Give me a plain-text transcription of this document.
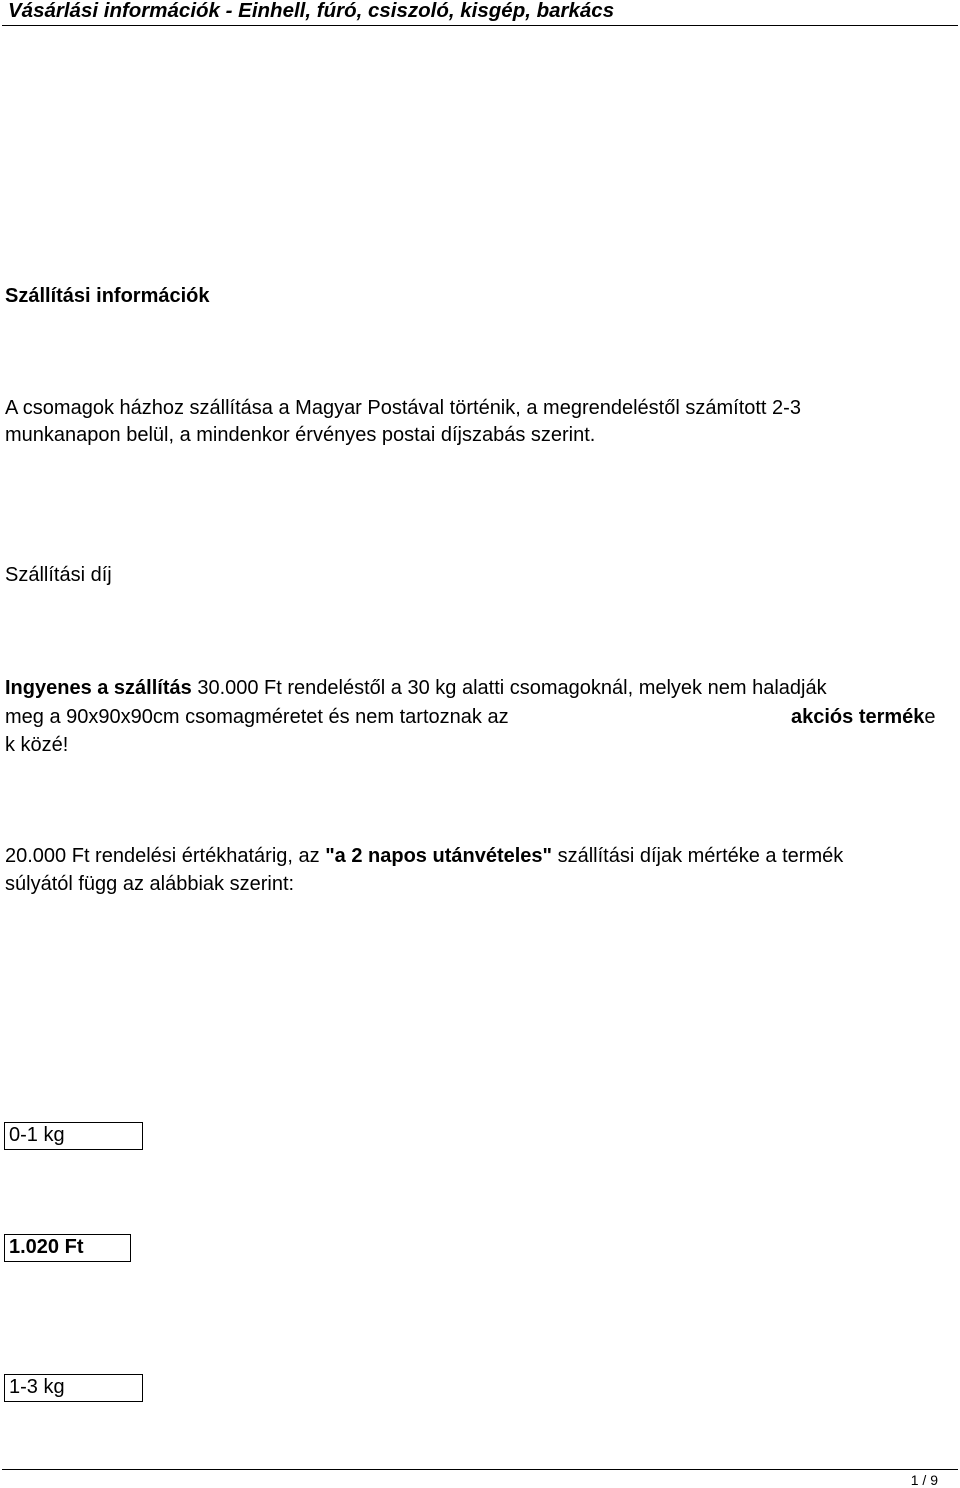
Vásárlási információk - Einhell, fúró, csiszoló, kisgép, barkács
Szállítási információk
A csomagok házhoz szállítása a Magyar Postával történik, a megrendeléstől számított 2-3
munkanapon belül, a mindenkor érvényes postai díjszabás szerint.
Szállítási díj
Ingyenes a szállítás 30.000 Ft rendeléstől a 30 kg alatti csomagoknál, melyek nem haladják
meg a 90x90x90cm csomagméretet és nem tartoznak az	akciós terméke
k közé!
20.000 Ft rendelési értékhatárig, az "a 2 napos utánvételes" szállítási díjak mértéke a termék
súlyától függ az alábbiak szerint:
0-1 kg
1.020 Ft
1-3 kg
1 / 9
